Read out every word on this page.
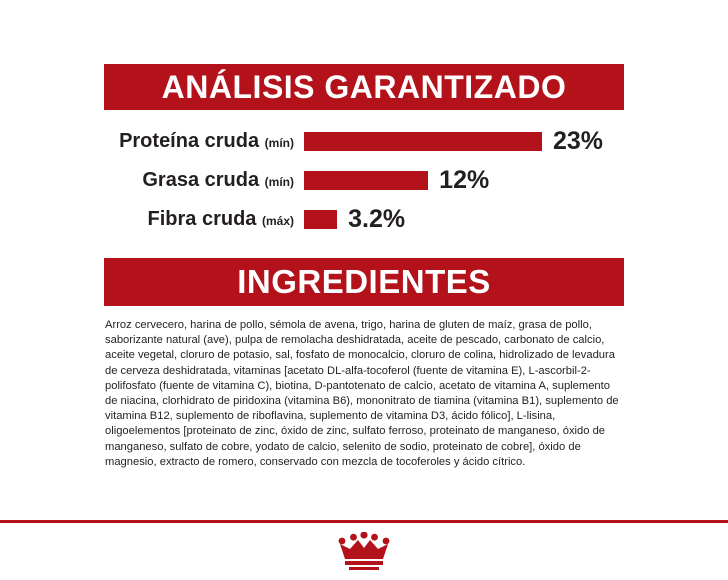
ANÁLISIS GARANTIZADO
Proteína cruda (mín)	23%
Grasa cruda (mín)	12%
Fibra cruda (máx)	3.2%
INGREDIENTES
Arroz cervecero, harina de pollo, sémola de avena, trigo, harina de gluten de maíz, grasa de pollo, saborizante natural (ave), pulpa de remolacha deshidratada, aceite de pescado, carbonato de calcio, aceite vegetal, cloruro de potasio, sal, fosfato de monocalcio, cloruro de colina, hidrolizado de levadura de cerveza deshidratada, vitaminas [acetato DL-alfa-tocoferol (fuente de vitamina E), L-ascorbil-2-polifosfato (fuente de vitamina C), biotina, D-pantotenato de calcio, acetato de vitamina A, suplemento de niacina, clorhidrato de piridoxina (vitamina B6), mononitrato de tiamina (vitamina B1), suplemento de vitamina B12, suplemento de riboflavina, suplemento de vitamina D3, ácido fólico], L-lisina, oligoelementos [proteinato de zinc, óxido de zinc, sulfato ferroso, proteinato de manganeso, óxido de manganeso, sulfato de cobre, yodato de calcio, selenito de sodio, proteinato de cobre], óxido de magnesio, extracto de romero, conservado con mezcla de tocoferoles y ácido cítrico.
